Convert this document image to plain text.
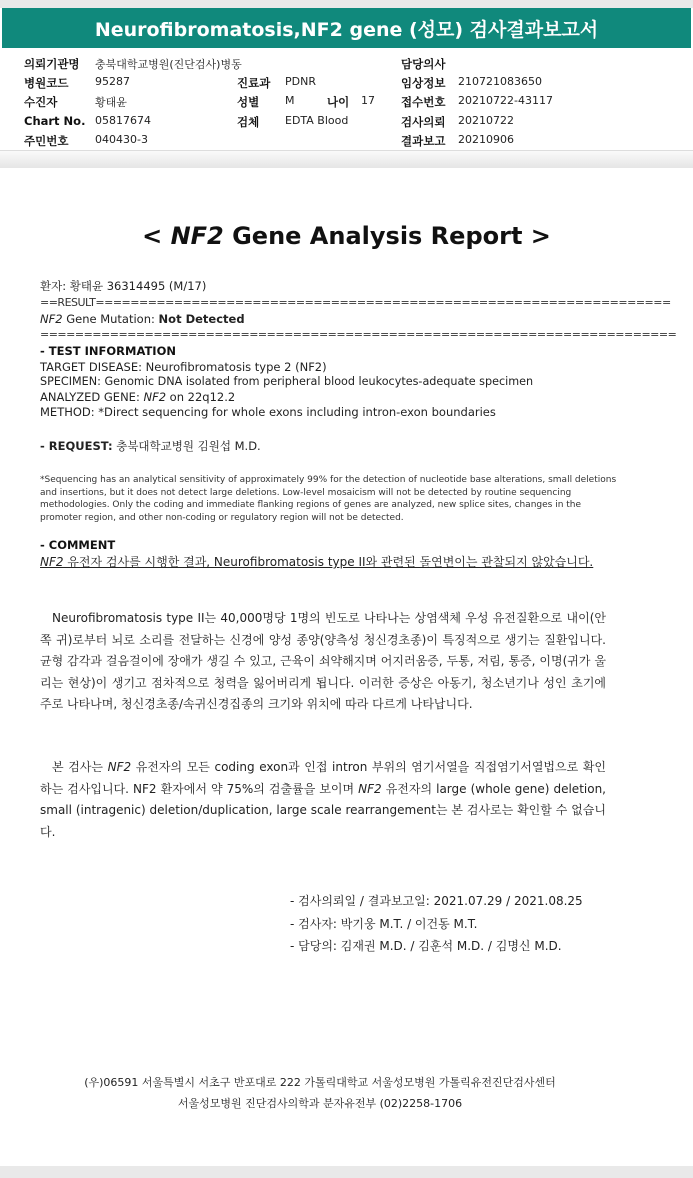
Neurofibromatosis,NF2 gene (성모) 검사결과보고서
의뢰기관명 충북대학교병원(진단검사)병동	담당의사
병원코드 95287	진료과 PDNR	임상정보 210721083650
수진자	황태윤	성별 M	나이 17 접수번호 20210722-43117
Chart No. 05817674	검체 EDTA Blood	검사의뢰 20210722
주민번호 040430-3	결과보고 20210906
< NF2 Gene Analysis Report >
환자: 황태윤 36314495 (M/17)
==RESULT==================================================================
NF2 Gene Mutation: Not Detected
=========================================================================
- TEST INFORMATION
TARGET DISEASE: Neurofibromatosis type 2 (NF2)
SPECIMEN: Genomic DNA isolated from peripheral blood leukocytes-adequate specimen
ANALYZED GENE: NF2 on 22q12.2
METHOD: *Direct sequencing for whole exons including intron-exon boundaries
- REQUEST: 충북대학교병원 김원섭 M.D.
*Sequencing has an analytical sensitivity of approximately 99% for the detection of nucleotide base alterations, small deletions and insertions, but it does not detect large deletions. Low-level mosaicism will not be detected by routine sequencing methodologies. Only the coding and immediate flanking regions of genes are analyzed, new splice sites, changes in the promoter region, and other non-coding or regulatory region will not be detected.
- COMMENT
NF2 유전자 검사를 시행한 결과, Neurofibromatosis type II와 관련된 돌연변이는 관찰되지 않았습니다.
Neurofibromatosis type II는 40,000명당 1명의 빈도로 나타나는 상염색체 우성 유전질환으로 내이(안쪽 귀)로부터 뇌로 소리를 전달하는 신경에 양성 종양(양측성 청신경초종)이 특징적으로 생기는 질환입니다. 균형 감각과 걸음걸이에 장애가 생길 수 있고, 근육이 쇠약해지며 어지러움증, 두통, 저림, 통증, 이명(귀가 울리는 현상)이 생기고 점차적으로 청력을 잃어버리게 됩니다. 이러한 증상은 아동기, 청소년기나 성인 초기에 주로 나타나며, 청신경초종/속귀신경집종의 크기와 위치에 따라 다르게 나타납니다.
본 검사는 NF2 유전자의 모든 coding exon과 인접 intron 부위의 염기서열을 직접염기서열법으로 확인하는 검사입니다. NF2 환자에서 약 75%의 검출률을 보이며 NF2 유전자의 large (whole gene) deletion, small (intragenic) deletion/duplication, large scale rearrangement는 본 검사로는 확인할 수 없습니다.
- 검사의뢰일 / 결과보고일: 2021.07.29 / 2021.08.25
- 검사자: 박기웅 M.T. / 이건동 M.T.
- 담당의: 김재권 M.D. / 김훈석 M.D. / 김명신 M.D.
(우)06591 서울특별시 서초구 반포대로 222 가톨릭대학교 서울성모병원 가톨릭유전진단검사센터
서울성모병원 진단검사의학과 분자유전부 (02)2258-1706
